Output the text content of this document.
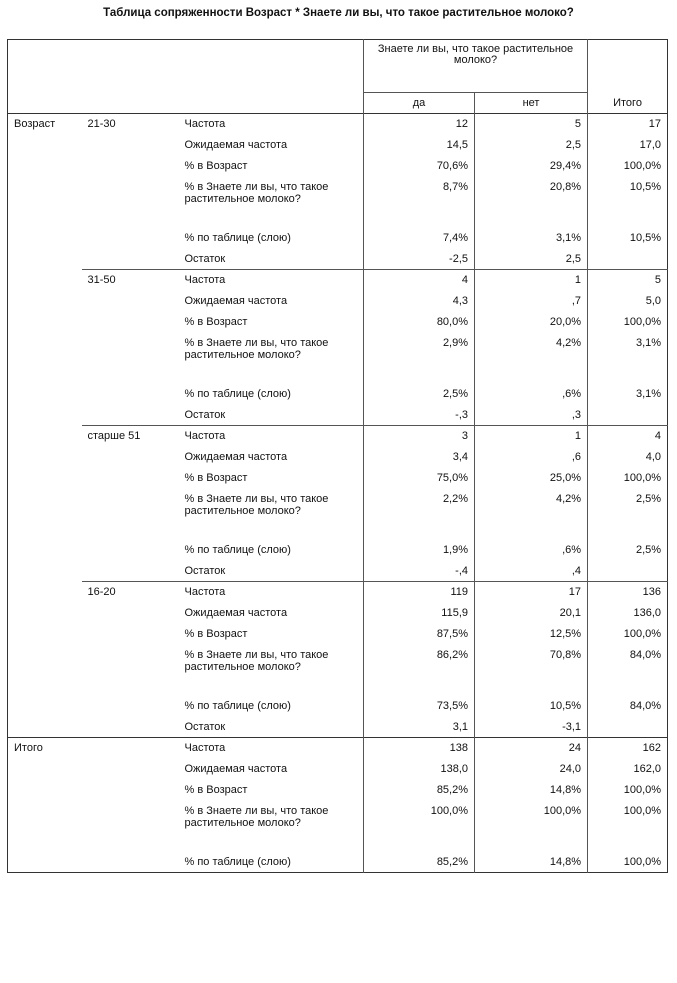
Таблица сопряженности Возраст * Знаете ли вы, что такое растительное молоко?
			Знаете ли вы, что такое растительное молоко?		Итого
			да	нет	
Возраст	21-30	Частота	12	5	17
		Ожидаемая частота	14,5	2,5	17,0
		% в Возраст	70,6%	29,4%	100,0%
		% в Знаете ли вы, что такое растительное молоко?	8,7%	20,8%	10,5%
		% по таблице (слою)	7,4%	3,1%	10,5%
		Остаток	-2,5	2,5	
	31-50	Частота	4	1	5
		Ожидаемая частота	4,3	,7	5,0
		% в Возраст	80,0%	20,0%	100,0%
		% в Знаете ли вы, что такое растительное молоко?	2,9%	4,2%	3,1%
		% по таблице (слою)	2,5%	,6%	3,1%
		Остаток	-,3	,3	
	старше 51	Частота	3	1	4
		Ожидаемая частота	3,4	,6	4,0
		% в Возраст	75,0%	25,0%	100,0%
		% в Знаете ли вы, что такое растительное молоко?	2,2%	4,2%	2,5%
		% по таблице (слою)	1,9%	,6%	2,5%
		Остаток	-,4	,4	
	16-20	Частота	119	17	136
		Ожидаемая частота	115,9	20,1	136,0
		% в Возраст	87,5%	12,5%	100,0%
		% в Знаете ли вы, что такое растительное молоко?	86,2%	70,8%	84,0%
		% по таблице (слою)	73,5%	10,5%	84,0%
		Остаток	3,1	-3,1	
Итого		Частота	138	24	162
		Ожидаемая частота	138,0	24,0	162,0
		% в Возраст	85,2%	14,8%	100,0%
		% в Знаете ли вы, что такое растительное молоко?	100,0%	100,0%	100,0%
		% по таблице (слою)	85,2%	14,8%	100,0%
